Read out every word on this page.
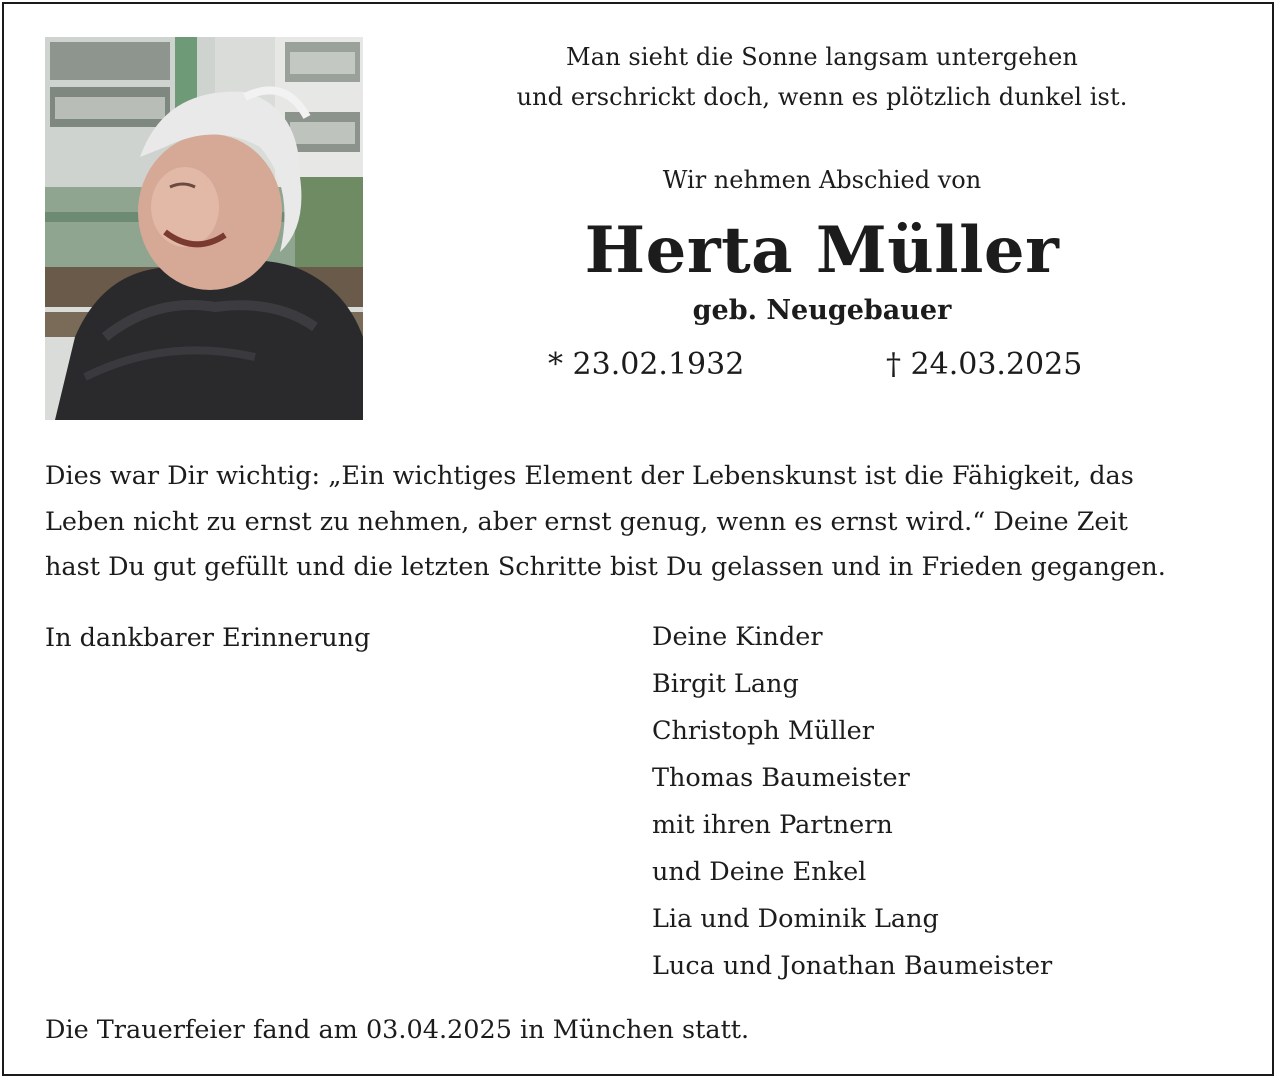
Man sieht die Sonne langsam untergehen
und erschrickt doch, wenn es plötzlich dunkel ist.
Wir nehmen Abschied von
Herta Müller
geb. Neugebauer
* 23.02.1932	† 24.03.2025
Dies war Dir wichtig: „Ein wichtiges Element der Lebenskunst ist die Fähigkeit, das
Leben nicht zu ernst zu nehmen, aber ernst genug, wenn es ernst wird.“ Deine Zeit
hast Du gut gefüllt und die letzten Schritte bist Du gelassen und in Frieden gegangen.
In dankbarer Erinnerung	Deine Kinder
Birgit Lang
Christoph Müller
Thomas Baumeister
mit ihren Partnern
und Deine Enkel
Lia und Dominik Lang
Luca und Jonathan Baumeister
Die Trauerfeier fand am 03.04.2025 in München statt.
